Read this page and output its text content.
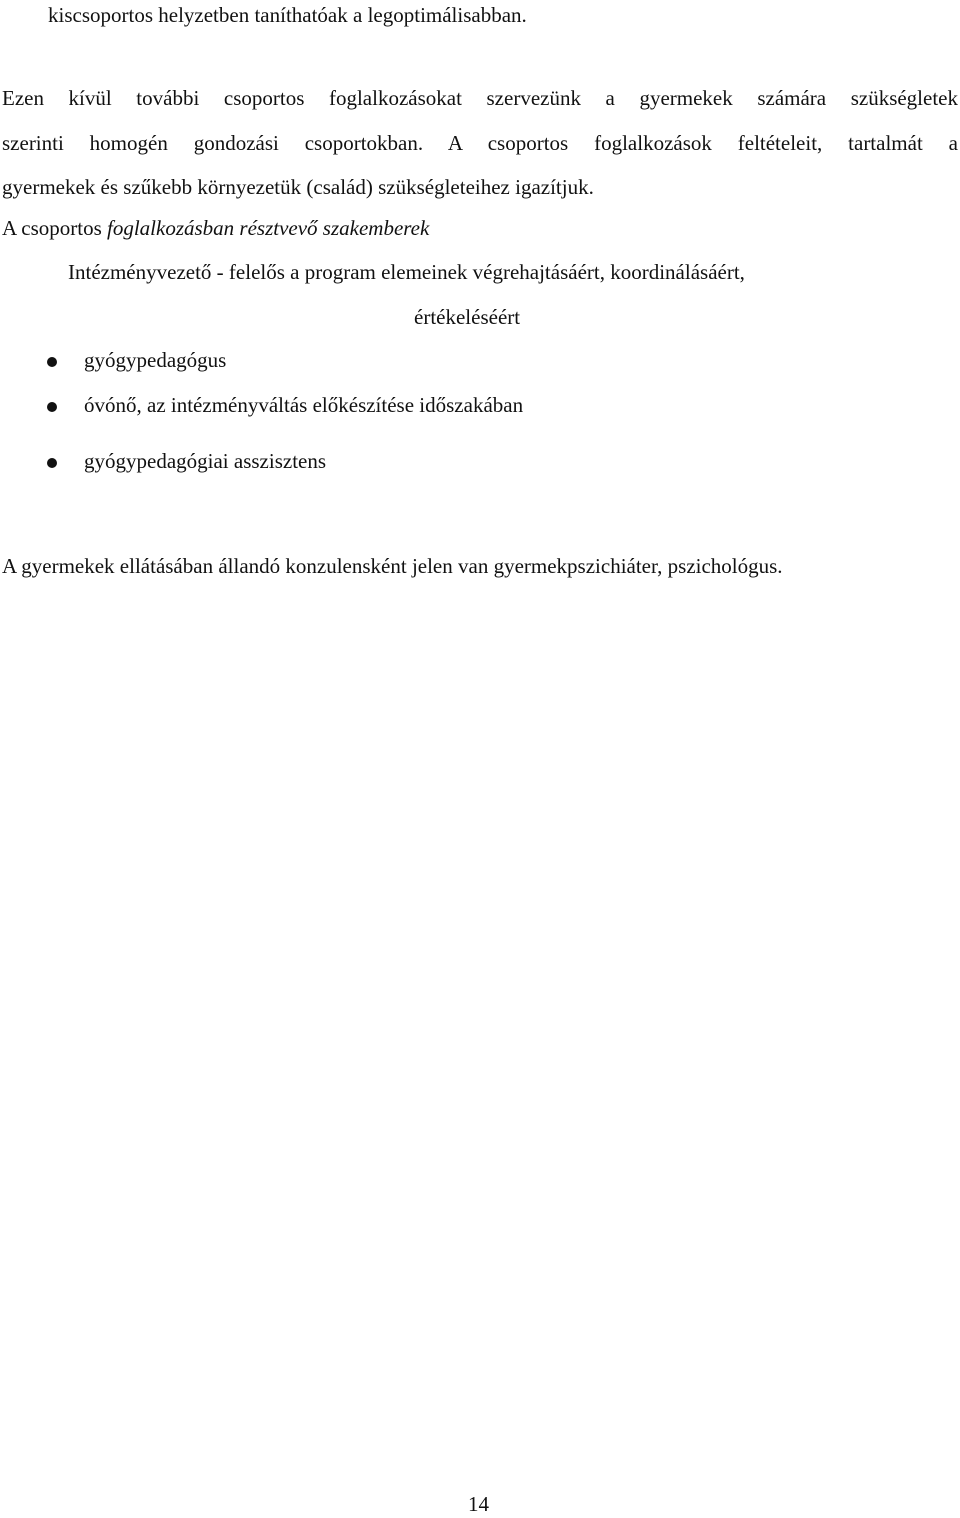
kiscsoportos helyzetben taníthatóak a legoptimálisabban.
Ezen kívül további csoportos foglalkozásokat szervezünk a gyermekek számára szükségletek
szerinti homogén gondozási csoportokban. A csoportos foglalkozások feltételeit, tartalmát a
gyermekek és szűkebb környezetük (család) szükségleteihez igazítjuk.
A csoportos foglalkozásban résztvevő szakemberek
Intézményvezető - felelős a program elemeinek végrehajtásáért, koordinálásáért,
értékeléséért
gyógypedagógus
óvónő, az intézményváltás előkészítése időszakában
gyógypedagógiai asszisztens
A gyermekek ellátásában állandó konzulensként jelen van gyermekpszichiáter, pszichológus.
14
